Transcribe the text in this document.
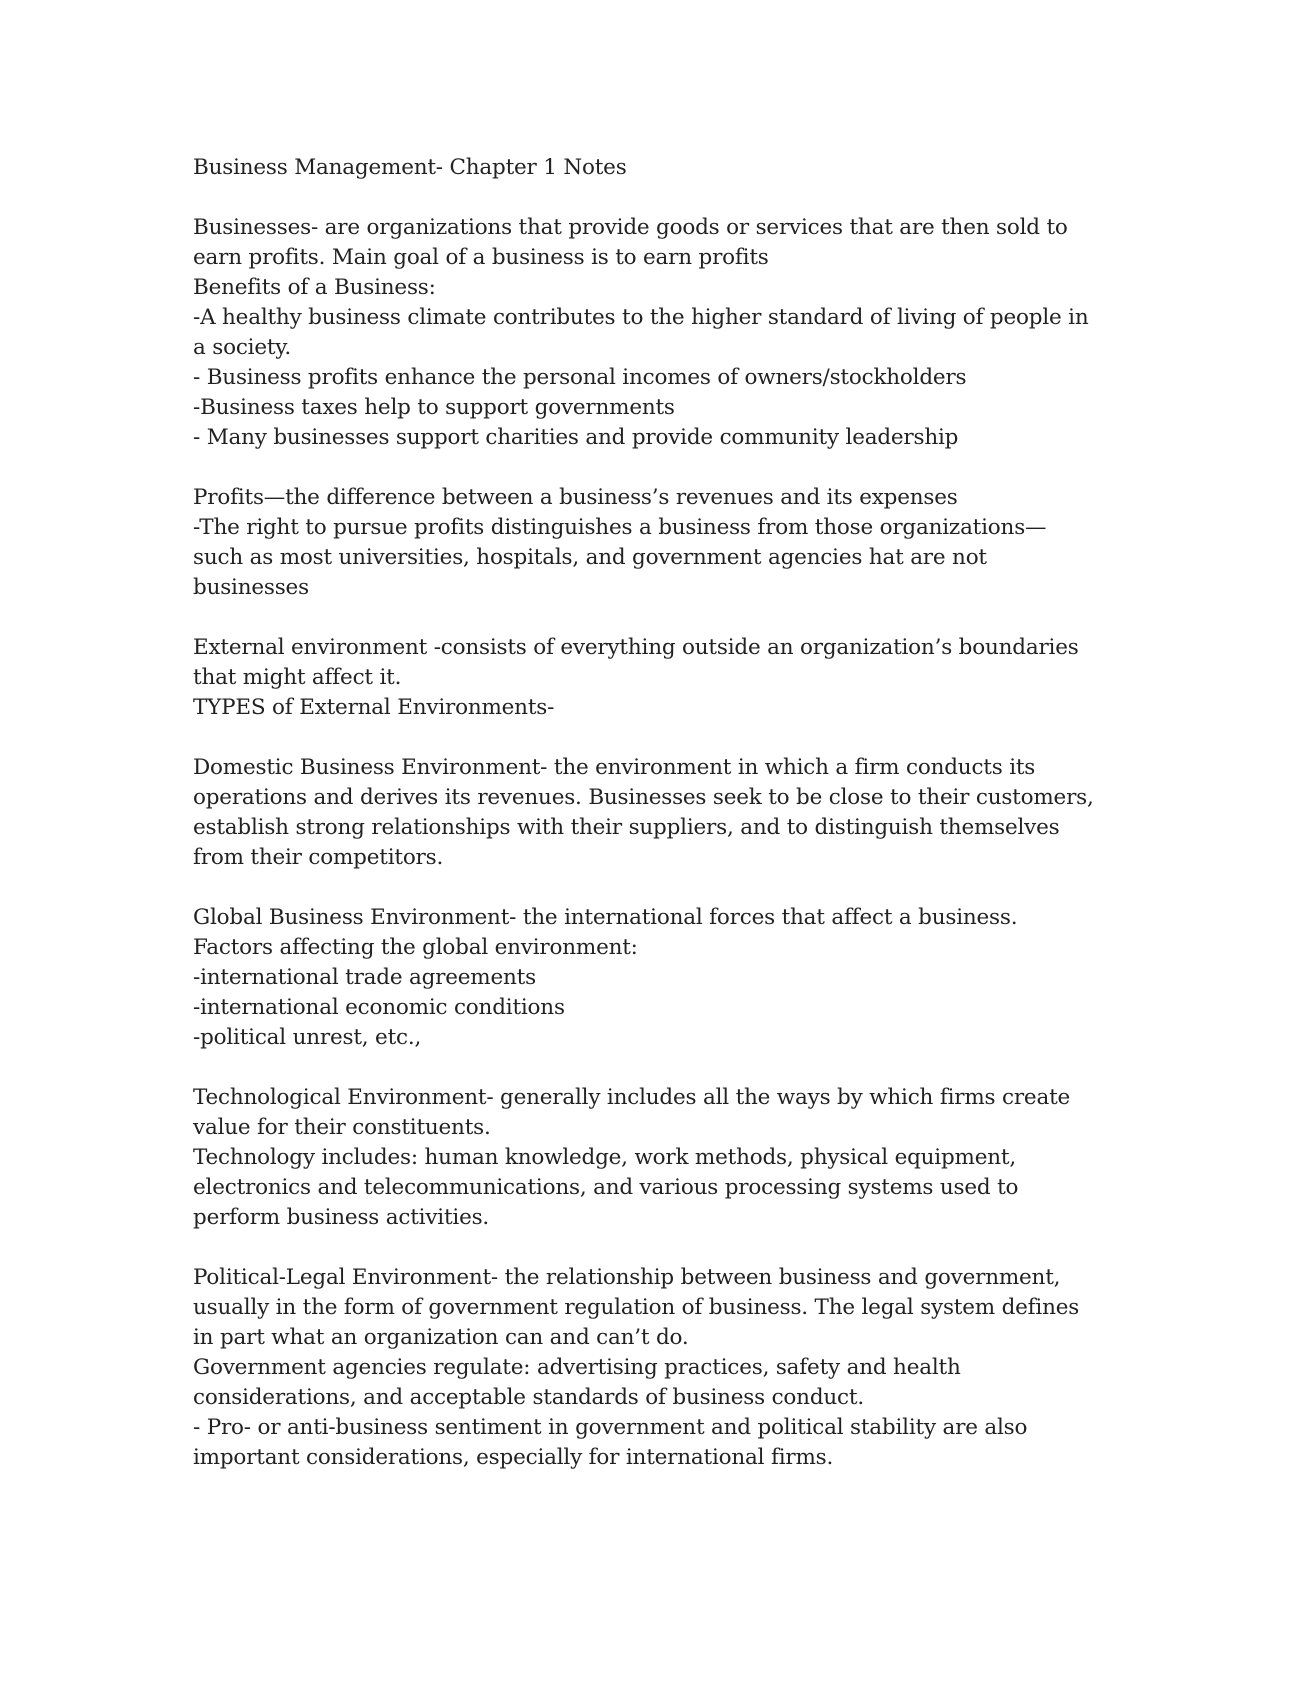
Business Management- Chapter 1 Notes
Businesses- are organizations that provide goods or services that are then sold to
earn profits. Main goal of a business is to earn profits
Benefits of a Business:
-A healthy business climate contributes to the higher standard of living of people in
a society.
- Business profits enhance the personal incomes of owners/stockholders
-Business taxes help to support governments
- Many businesses support charities and provide community leadership
Profits—the difference between a business’s revenues and its expenses
-The right to pursue profits distinguishes a business from those organizations—
such as most universities, hospitals, and government agencies hat are not
businesses
External environment -consists of everything outside an organization’s boundaries
that might affect it.
TYPES of External Environments-
Domestic Business Environment- the environment in which a firm conducts its
operations and derives its revenues. Businesses seek to be close to their customers,
establish strong relationships with their suppliers, and to distinguish themselves
from their competitors.
Global Business Environment- the international forces that affect a business.
Factors affecting the global environment:
-international trade agreements
-international economic conditions
-political unrest, etc.,
Technological Environment- generally includes all the ways by which firms create
value for their constituents.
Technology includes: human knowledge, work methods, physical equipment,
electronics and telecommunications, and various processing systems used to
perform business activities.
Political-Legal Environment- the relationship between business and government,
usually in the form of government regulation of business. The legal system defines
in part what an organization can and can’t do.
Government agencies regulate: advertising practices, safety and health
considerations, and acceptable standards of business conduct.
- Pro- or anti-business sentiment in government and political stability are also
important considerations, especially for international firms.
